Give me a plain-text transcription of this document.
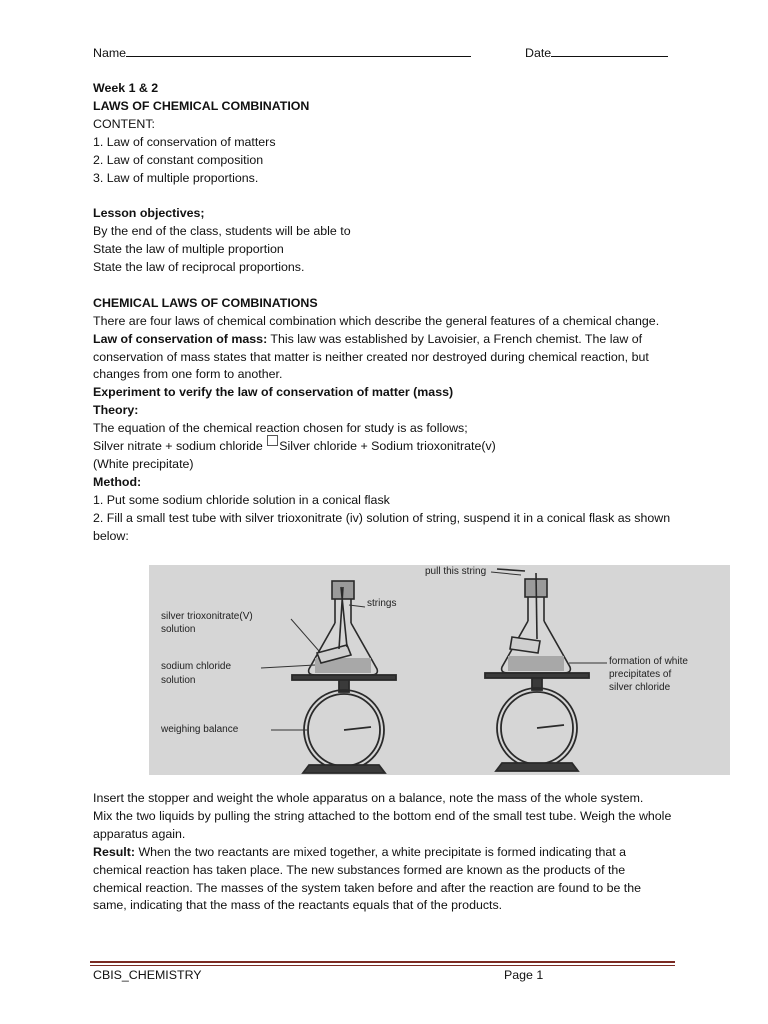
Name	Date

Week 1 & 2

LAWS OF CHEMICAL COMBINATION

CONTENT:

1. Law of conservation of matters

2. Law of constant composition

3. Law of multiple proportions.

Lesson objectives;

By the end of the class, students will be able to

State the law of multiple proportion

State the law of reciprocal proportions.

CHEMICAL LAWS OF COMBINATIONS

There are four laws of chemical combination which describe the general features of a chemical change.

Law of conservation of mass: This law was established by Lavoisier, a French chemist. The law of conservation of mass states that matter is neither created nor destroyed during chemical reaction, but changes from one form to another.

Experiment to verify the law of conservation of matter (mass)

Theory:

The equation of the chemical reaction chosen for study is as follows;

Silver nitrate + sodium chloride Silver chloride + Sodium trioxonitrate(v)

(White precipitate)

Method:

1. Put some sodium chloride solution in a conical flask

2. Fill a small test tube with silver trioxonitrate (iv) solution of string, suspend it in a conical flask as shown below:

pull this string
strings
silver trioxonitrate(V)
solution
sodium chloride
solution
weighing balance
formation of white
precipitates of
silver chloride

Insert the stopper and weight the whole apparatus on a balance, note the mass of the whole system.

Mix the two liquids by pulling the string attached to the bottom end of the small test tube. Weigh the whole apparatus again.

Result: When the two reactants are mixed together, a white precipitate is formed indicating that a chemical reaction has taken place. The new substances formed are known as the products of the chemical reaction. The masses of the system taken before and after the reaction are found to be the same, indicating that the mass of the reactants equals that of the products.

CBIS_CHEMISTRY	Page 1
